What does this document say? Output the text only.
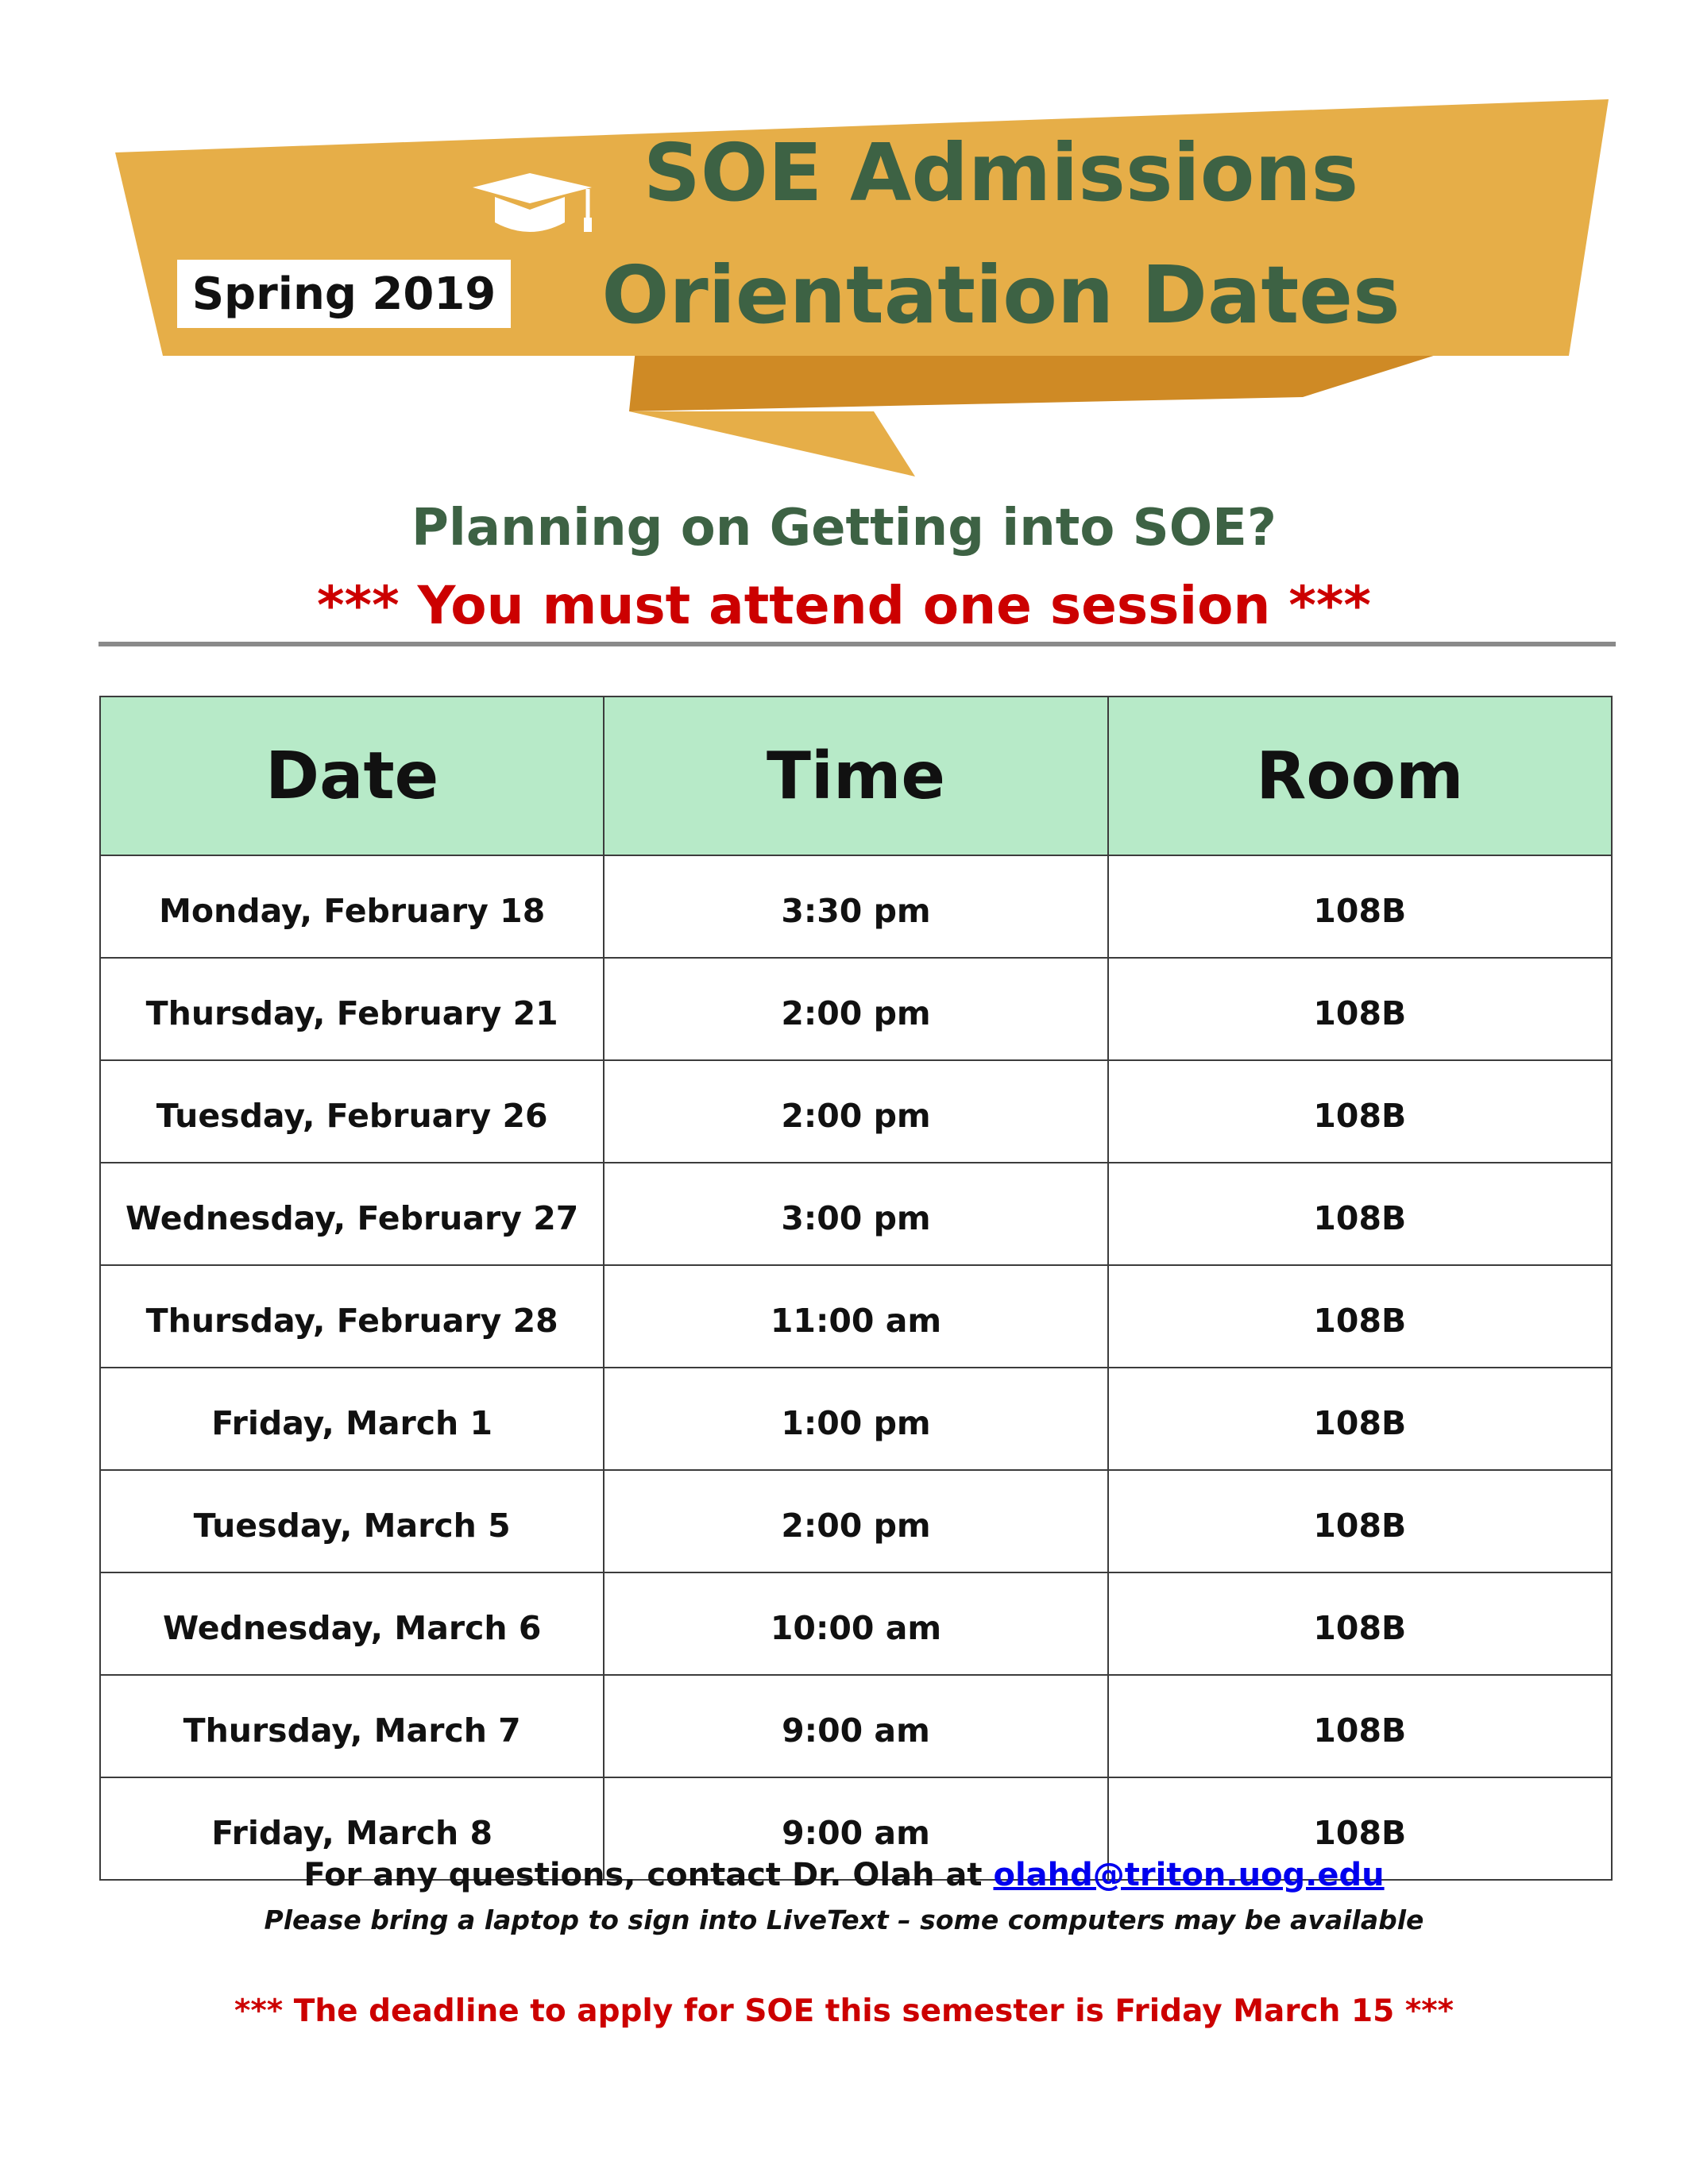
SOE Admissions
Orientation Dates
Spring 2019
Planning on Getting into SOE?
*** You must attend one session ***
Date	Time	Room
Monday, February 18	3:30 pm	108B
Thursday, February 21	2:00 pm	108B
Tuesday, February 26	2:00 pm	108B
Wednesday, February 27	3:00 pm	108B
Thursday, February 28	11:00 am	108B
Friday, March 1	1:00 pm	108B
Tuesday, March 5	2:00 pm	108B
Wednesday, March 6	10:00 am	108B
Thursday, March 7	9:00 am	108B
Friday, March 8	9:00 am	108B
For any questions, contact Dr. Olah at olahd@triton.uog.edu
Please bring a laptop to sign into LiveText – some computers may be available
*** The deadline to apply for SOE this semester is Friday March 15 ***
